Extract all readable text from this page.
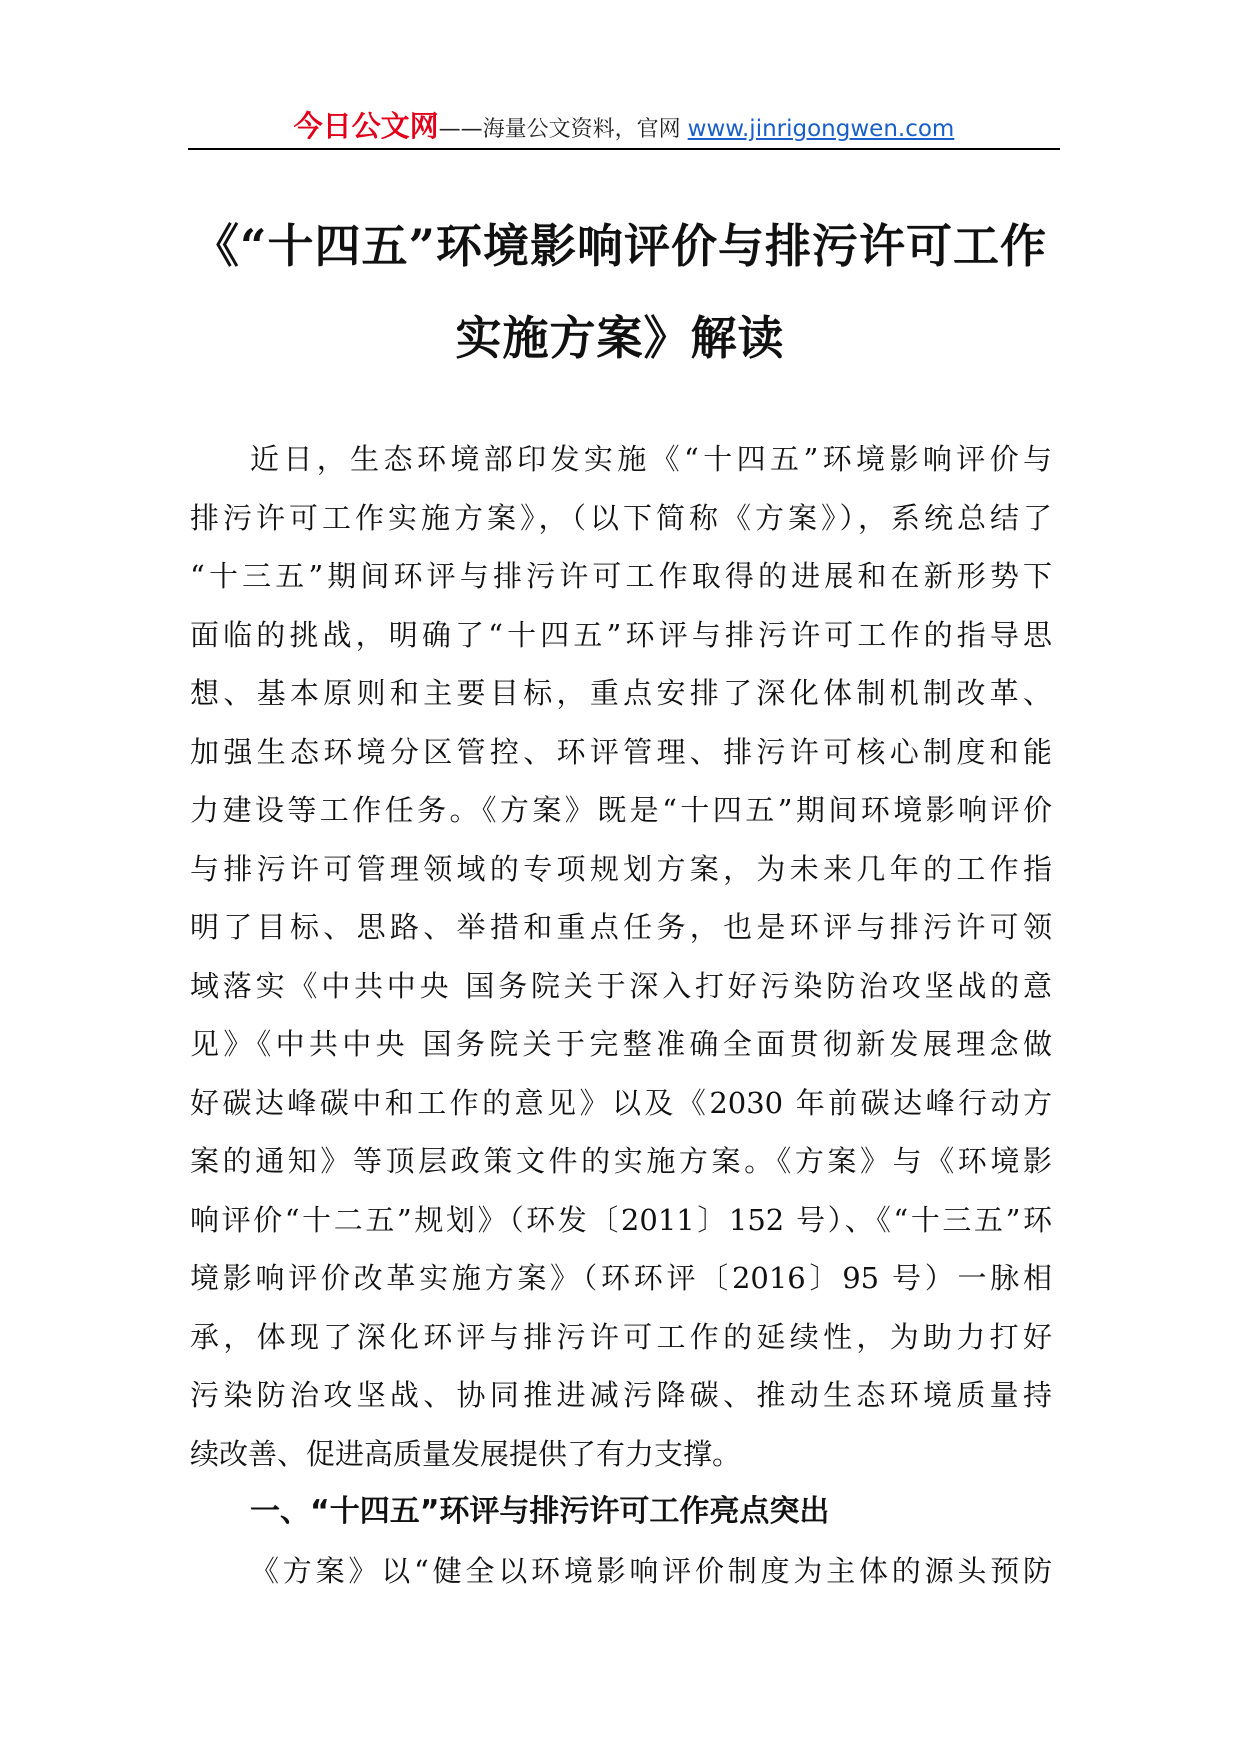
今日公文网——海量公文资料，官网 www.jinrigongwen.com
《“十四五”环境影响评价与排污许可工作
实施方案》解读
近日，生态环境部印发实施《“十四五”环境影响评价与
排污许可工作实施方案》，（以下简称《方案》），系统总结了
“十三五”期间环评与排污许可工作取得的进展和在新形势下
面临的挑战，明确了“十四五”环评与排污许可工作的指导思
想、基本原则和主要目标，重点安排了深化体制机制改革、
加强生态环境分区管控、环评管理、排污许可核心制度和能
力建设等工作任务。《方案》既是“十四五”期间环境影响评价
与排污许可管理领域的专项规划方案，为未来几年的工作指
明了目标、思路、举措和重点任务，也是环评与排污许可领
域落实《中共中央 国务院关于深入打好污染防治攻坚战的意
见》《中共中央 国务院关于完整准确全面贯彻新发展理念做
好碳达峰碳中和工作的意见》以及《2030 年前碳达峰行动方
案的通知》等顶层政策文件的实施方案。《方案》与《环境影
响评价“十二五”规划》（环发〔2011〕152 号）、《“十三五”环
境影响评价改革实施方案》（环环评〔2016〕95 号）一脉相
承，体现了深化环评与排污许可工作的延续性，为助力打好
污染防治攻坚战、协同推进减污降碳、推动生态环境质量持
续改善、促进高质量发展提供了有力支撑。
一、“十四五”环评与排污许可工作亮点突出
《方案》以“健全以环境影响评价制度为主体的源头预防
